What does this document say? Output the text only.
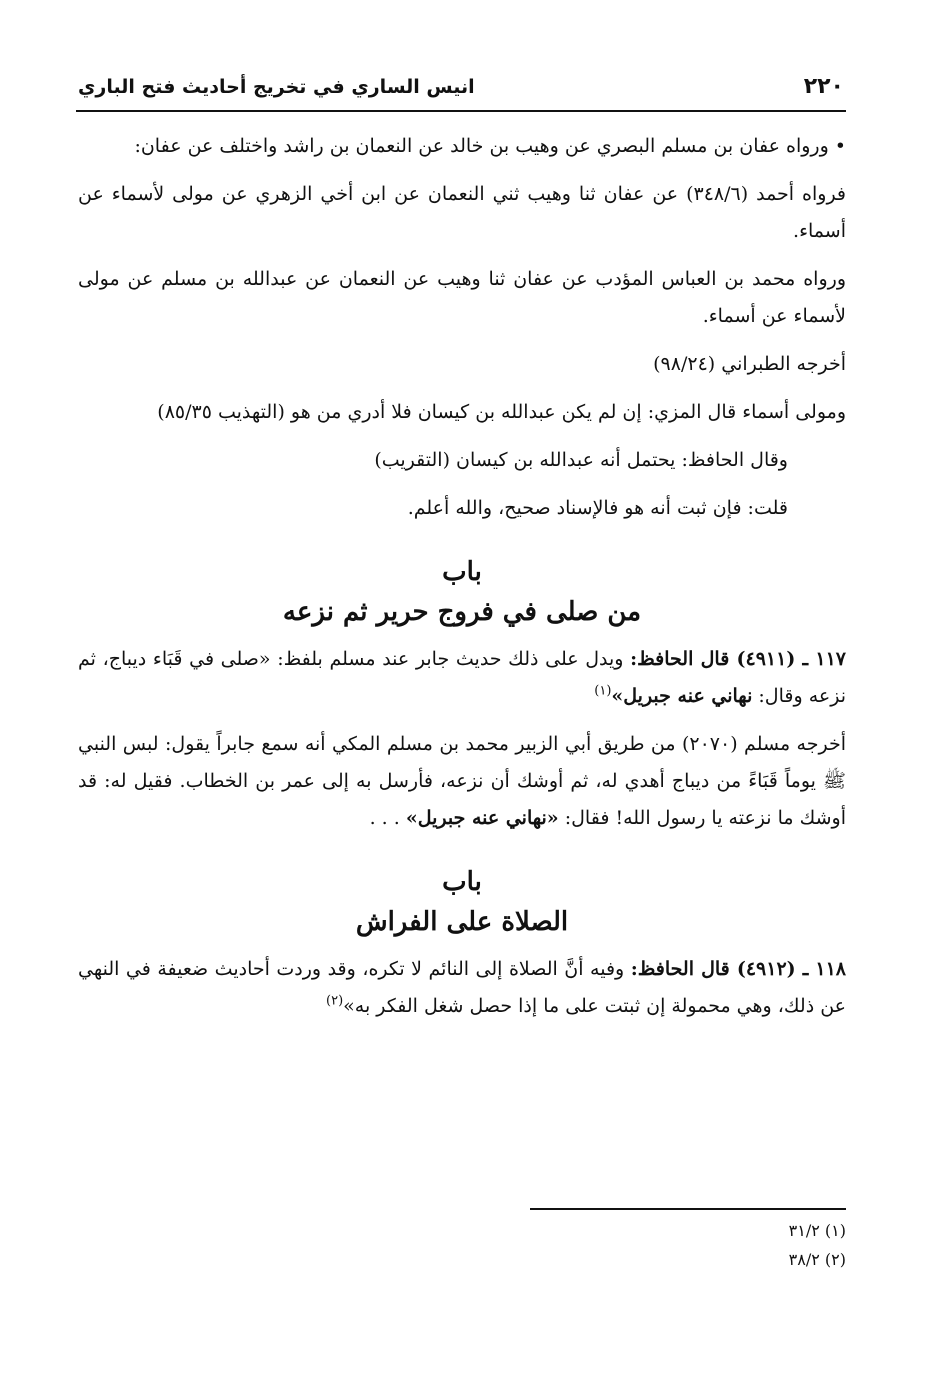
٢٢٠
انيس الساري في تخريج أحاديث فتح الباري

• ورواه عفان بن مسلم البصري عن وهيب بن خالد عن النعمان بن راشد واختلف عن عفان:

فرواه أحمد (٣٤٨/٦) عن عفان ثنا وهيب ثني النعمان عن ابن أخي الزهري عن مولى لأسماء عن أسماء.

ورواه محمد بن العباس المؤدب عن عفان ثنا وهيب عن النعمان عن عبدالله بن مسلم عن مولى لأسماء عن أسماء.

أخرجه الطبراني (٩٨/٢٤)

ومولى أسماء قال المزي: إن لم يكن عبدالله بن كيسان فلا أدري من هو (التهذيب ٨٥/٣٥)

وقال الحافظ: يحتمل أنه عبدالله بن كيسان (التقريب)

قلت: فإن ثبت أنه هو فالإسناد صحيح، والله أعلم.

باب
من صلى في فروج حرير ثم نزعه

١١٧ ـ (٤٩١١) قال الحافظ: ويدل على ذلك حديث جابر عند مسلم بلفظ: «صلى في قَبَاء ديباج، ثم نزعه وقال: نهاني عنه جبريل»$^{(١)}$

أخرجه مسلم (٢٠٧٠) من طريق أبي الزبير محمد بن مسلم المكي أنه سمع جابراً يقول: لبس النبي ﷺ يوماً قَبَاءً من ديباج أهدي له، ثم أوشك أن نزعه، فأرسل به إلى عمر بن الخطاب. فقيل له: قد أوشك ما نزعته يا رسول الله! فقال: «نهاني عنه جبريل» . . .

باب
الصلاة على الفراش

١١٨ ـ (٤٩١٢) قال الحافظ: وفيه أنَّ الصلاة إلى النائم لا تكره، وقد وردت أحاديث ضعيفة في النهي عن ذلك، وهي محمولة إن ثبتت على ما إذا حصل شغل الفكر به»$^{(٢)}$

(١) ٣١/٢
(٢) ٣٨/٢
